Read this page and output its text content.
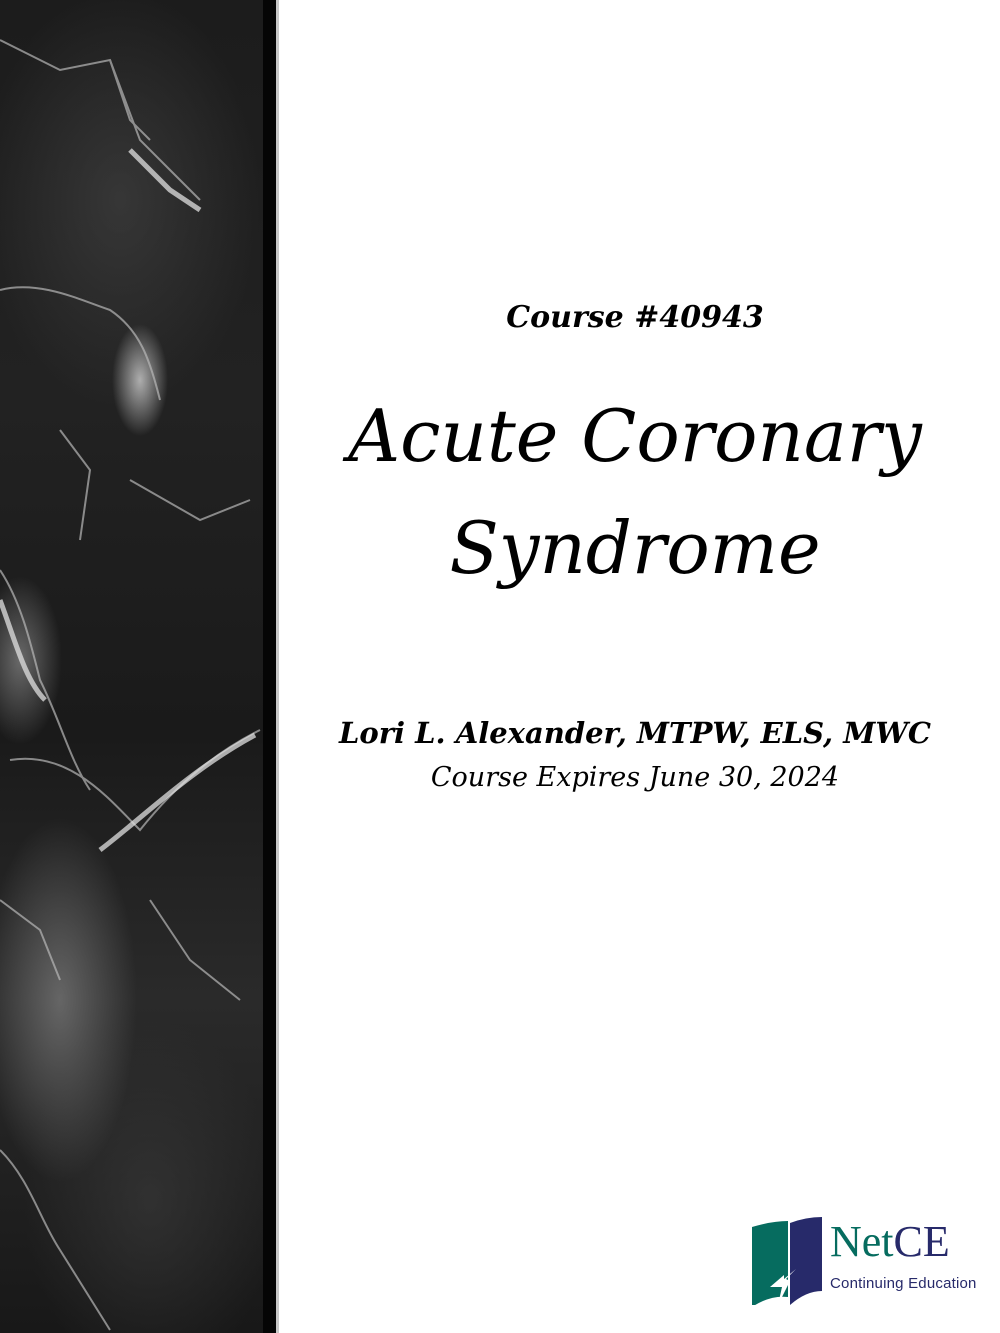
Course #40943
Acute Coronary
Syndrome
Lori L. Alexander, MTPW, ELS, MWC
Course Expires June 30, 2024
NetCE
Continuing Education
